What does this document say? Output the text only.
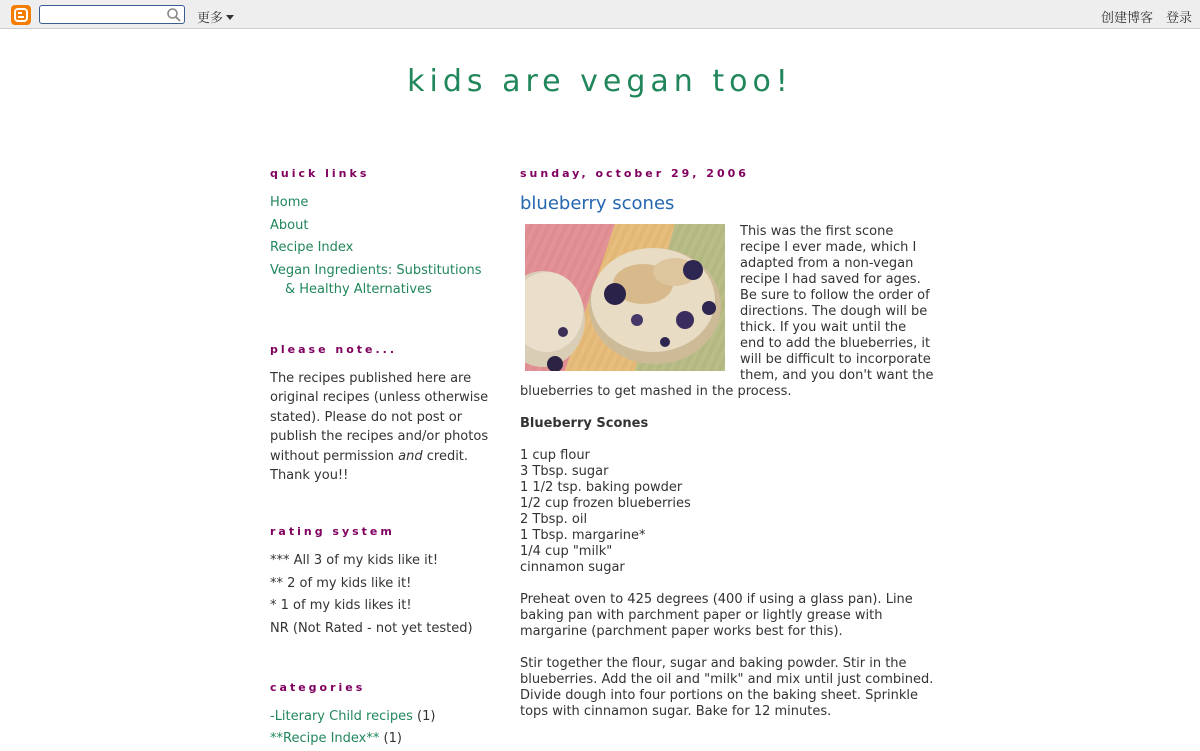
更多	创建博客 登录
kids are vegan too!
quick links
Home
About
Recipe Index
Vegan Ingredients: Substitutions & Healthy Alternatives
please note...

The recipes published here are original recipes (unless otherwise stated). Please do not post or publish the recipes and/or photos without permission and credit. Thank you!!

rating system
*** All 3 of my kids like it!
** 2 of my kids like it!
* 1 of my kids likes it!
NR (Not Rated - not yet tested)
categories
-Literary Child recipes (1)
**Recipe Index** (1)
sunday, october 29, 2006
blueberry scones

This was the first scone recipe I ever made, which I adapted from a non-vegan recipe I had saved for ages. Be sure to follow the order of directions. The dough will be thick. If you wait until the end to add the blueberries, it will be difficult to incorporate them, and you don't want the blueberries to get mashed in the process.

Blueberry Scones

1 cup flour
3 Tbsp. sugar
1 1/2 tsp. baking powder
1/2 cup frozen blueberries
2 Tbsp. oil
1 Tbsp. margarine*
1/4 cup "milk"
cinnamon sugar

Preheat oven to 425 degrees (400 if using a glass pan). Line baking pan with parchment paper or lightly grease with margarine (parchment paper works best for this).

Stir together the flour, sugar and baking powder. Stir in the blueberries. Add the oil and "milk" and mix until just combined. Divide dough into four portions on the baking sheet. Sprinkle tops with cinnamon sugar. Bake for 12 minutes.
